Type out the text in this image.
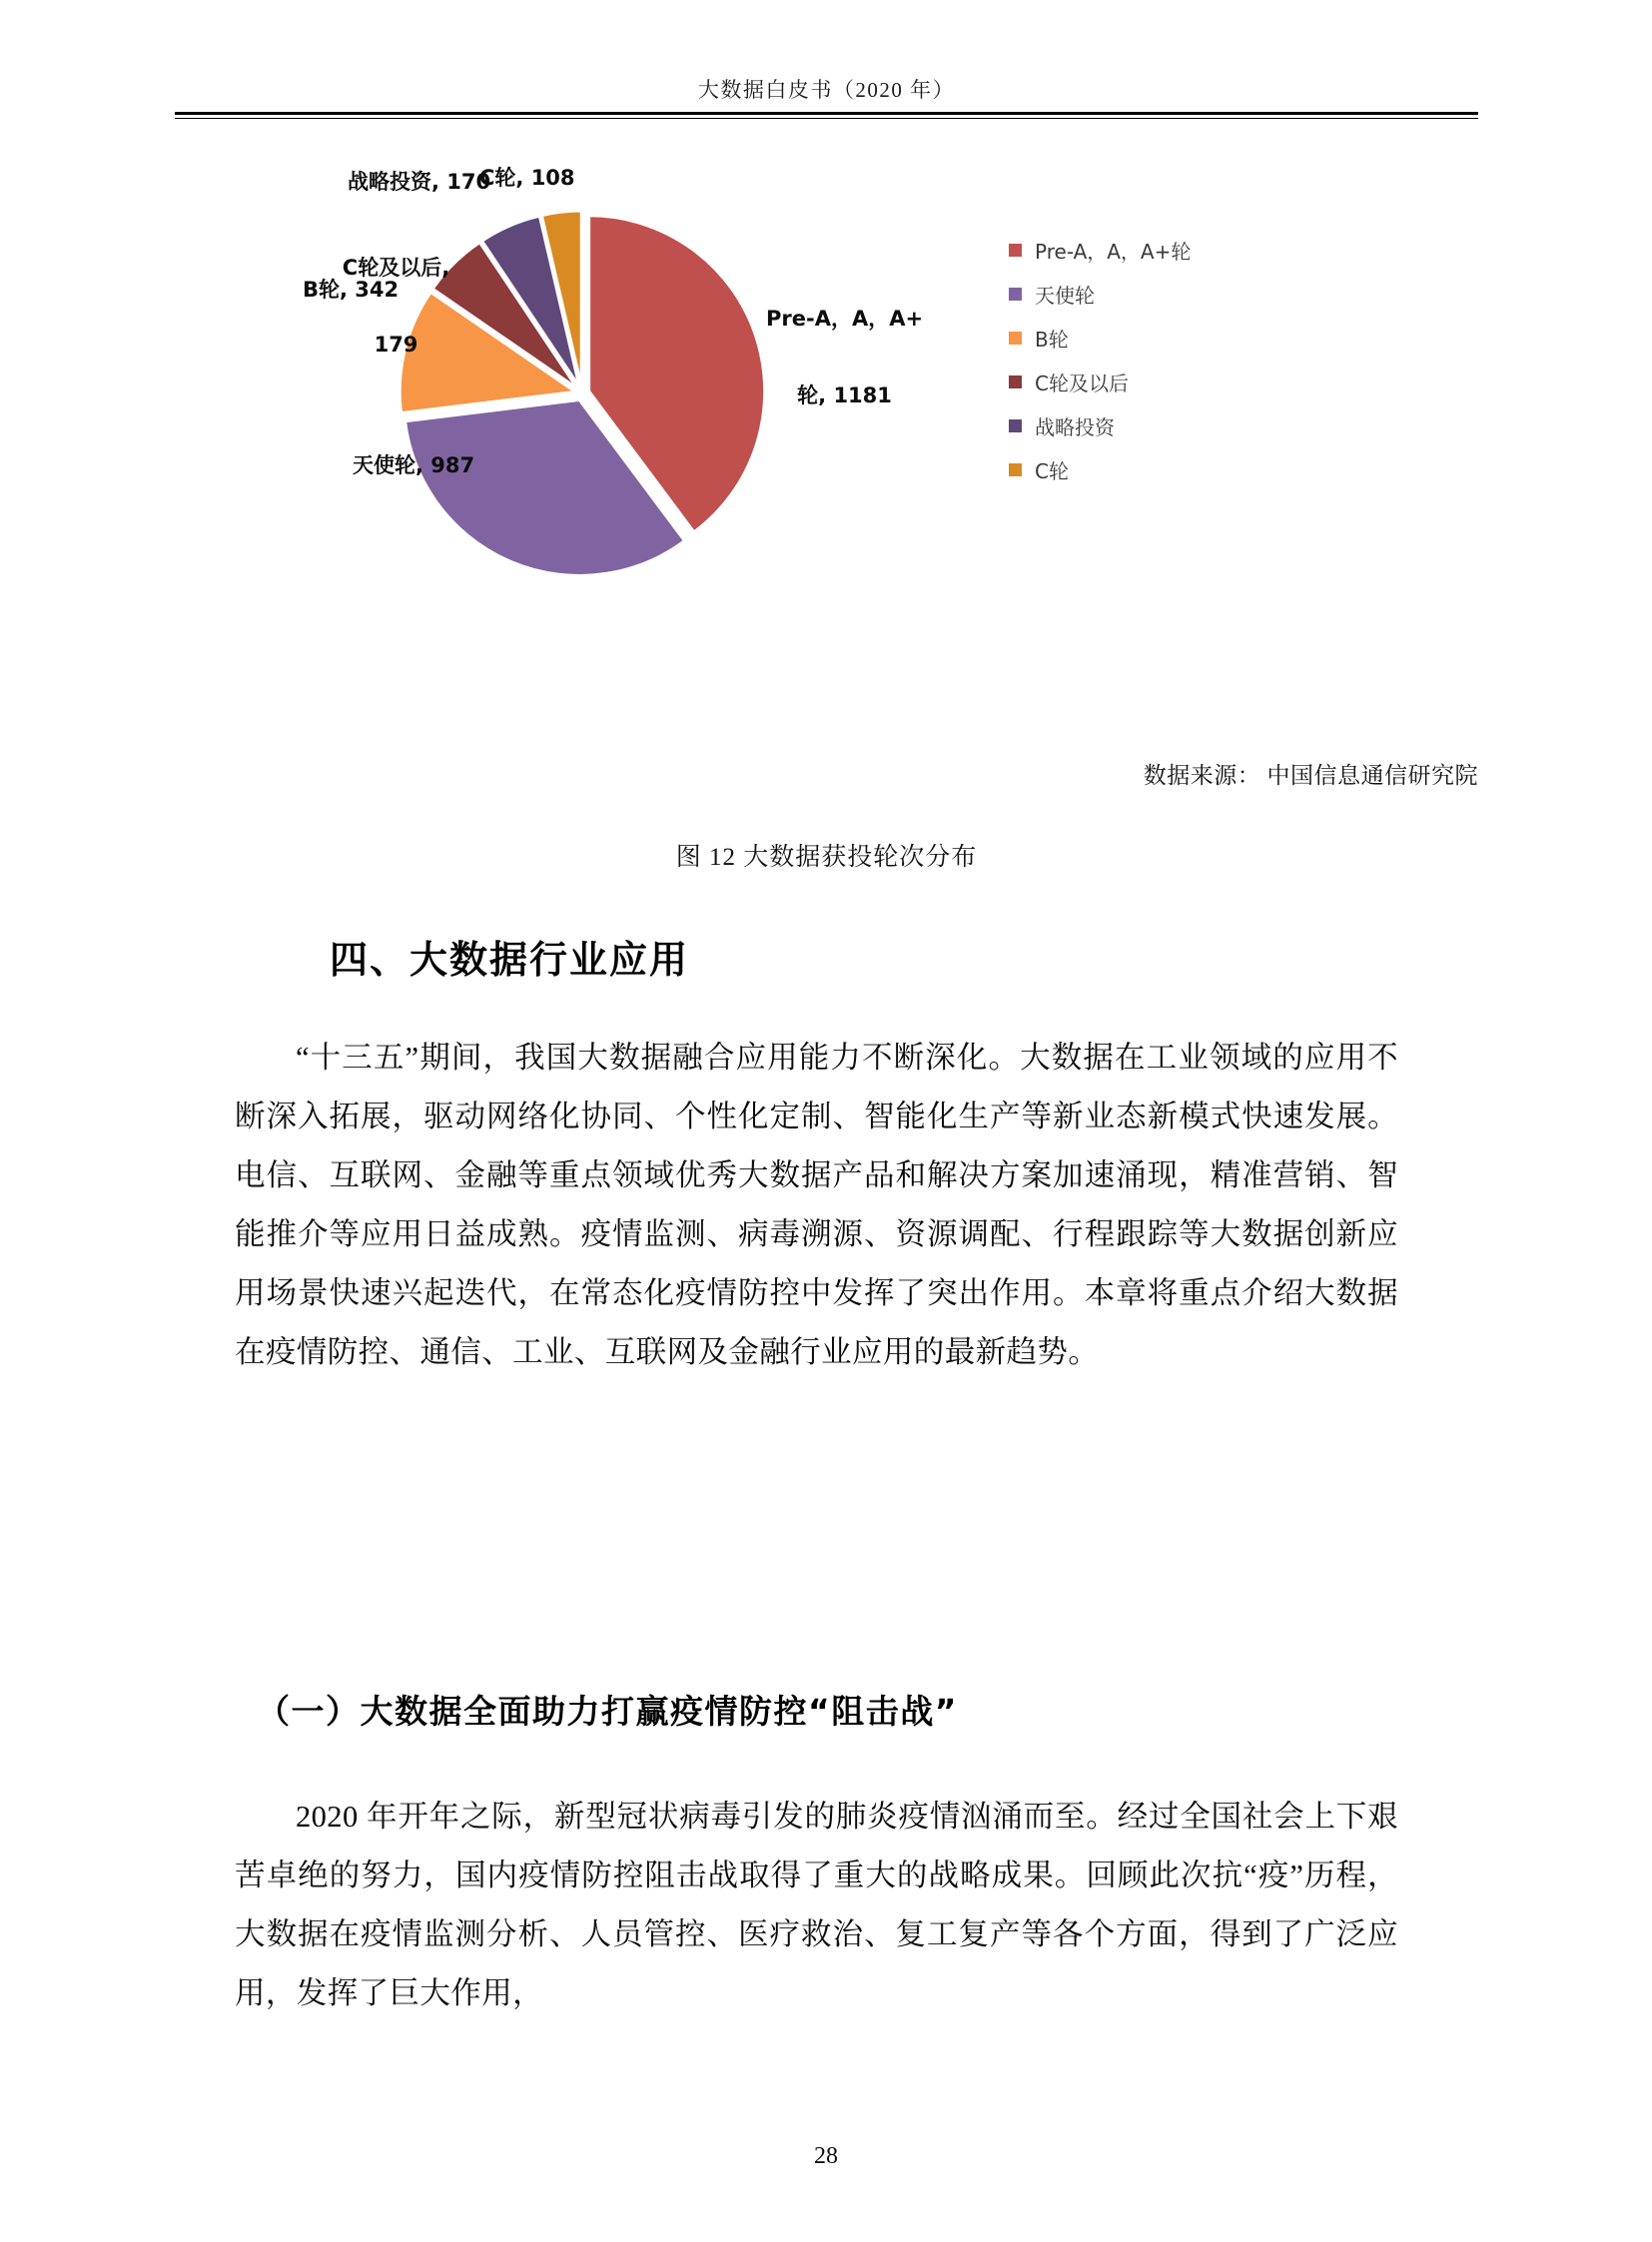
大数据白皮书（2020 年）

Pre-A，A，A+

轮, 1181

天使轮, 987
B轮, 342

C轮及以后,

179

战略投资, 170
C轮, 108
Pre-A，A，A+轮
天使轮
B轮
C轮及以后
战略投资
C轮
数据来源： 中国信息通信研究院
图 12 大数据获投轮次分布
四、大数据行业应用

“十三五”期间，我国大数据融合应用能力不断深化。大数据在工业领域的应用不断深入拓展，驱动网络化协同、个性化定制、智能化生产等新业态新模式快速发展。电信、互联网、金融等重点领域优秀大数据产品和解决方案加速涌现，精准营销、智能推介等应用日益成熟。疫情监测、病毒溯源、资源调配、行程跟踪等大数据创新应用场景快速兴起迭代，在常态化疫情防控中发挥了突出作用。本章将重点介绍大数据在疫情防控、通信、工业、互联网及金融行业应用的最新趋势。

（一）大数据全面助力打赢疫情防控“阻击战”

2020 年开年之际，新型冠状病毒引发的肺炎疫情汹涌而至。经过全国社会上下艰苦卓绝的努力，国内疫情防控阻击战取得了重大的战略成果。回顾此次抗“疫”历程，大数据在疫情监测分析、人员管控、医疗救治、复工复产等各个方面，得到了广泛应用，发挥了巨大作用，

28
